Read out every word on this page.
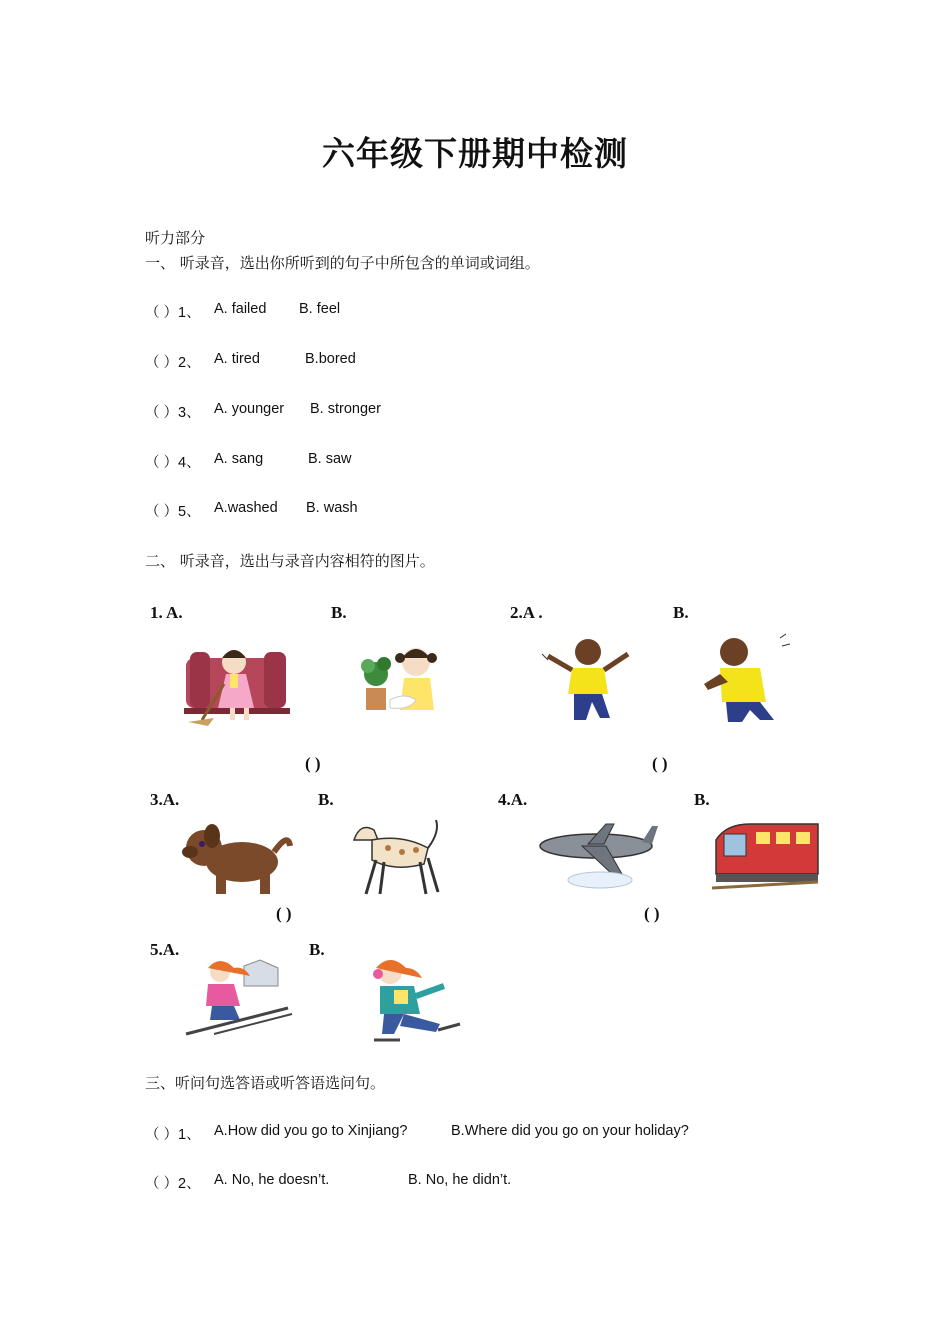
六年级下册期中检测
听力部分
一、 听录音，选出你所听到的句子中所包含的单词或词组。
（ ）1、 A. failed B. feel
（ ）2、 A. tired	B.bored
（ ）3、 A. younger B. stronger
（ ）4、 A. sang	B. saw
（ ）5、 A.washed B. wash
二、 听录音，选出与录音内容相符的图片。
1. A.	B.	2.A .	B.
( )	( )
3.A.	B.	4.A.	B.
( )	( )
5.A.	B.
三、听问句选答语或听答语选问句。
（ ）1、 A.How did you go to Xinjiang?	B.Where did you go on your holiday?
（ ）2、 A. No, he doesn’t.	B. No, he didn’t.
